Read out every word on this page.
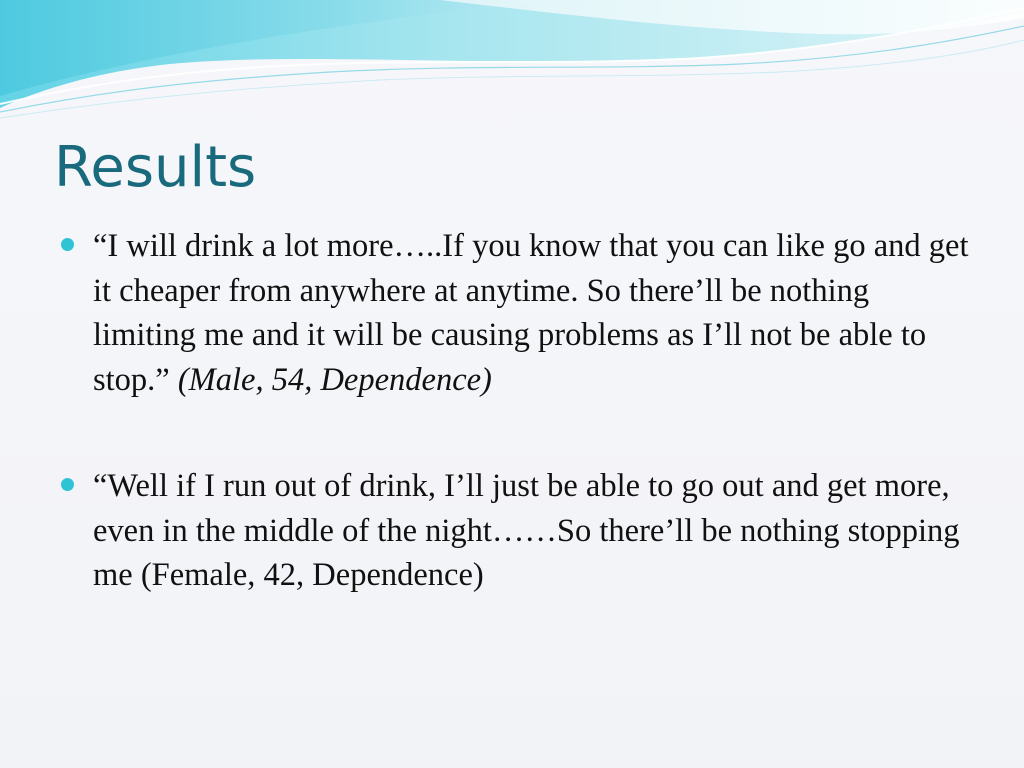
Results
“I will drink a lot more…..If you know that you can like go and get it cheaper from anywhere at anytime. So there’ll be nothing limiting me and it will be causing problems as I’ll not be able to stop.” (Male, 54, Dependence)
“Well if I run out of drink, I’ll just be able to go out and get more, even in the middle of the night……So there’ll be nothing stopping me (Female, 42, Dependence)
